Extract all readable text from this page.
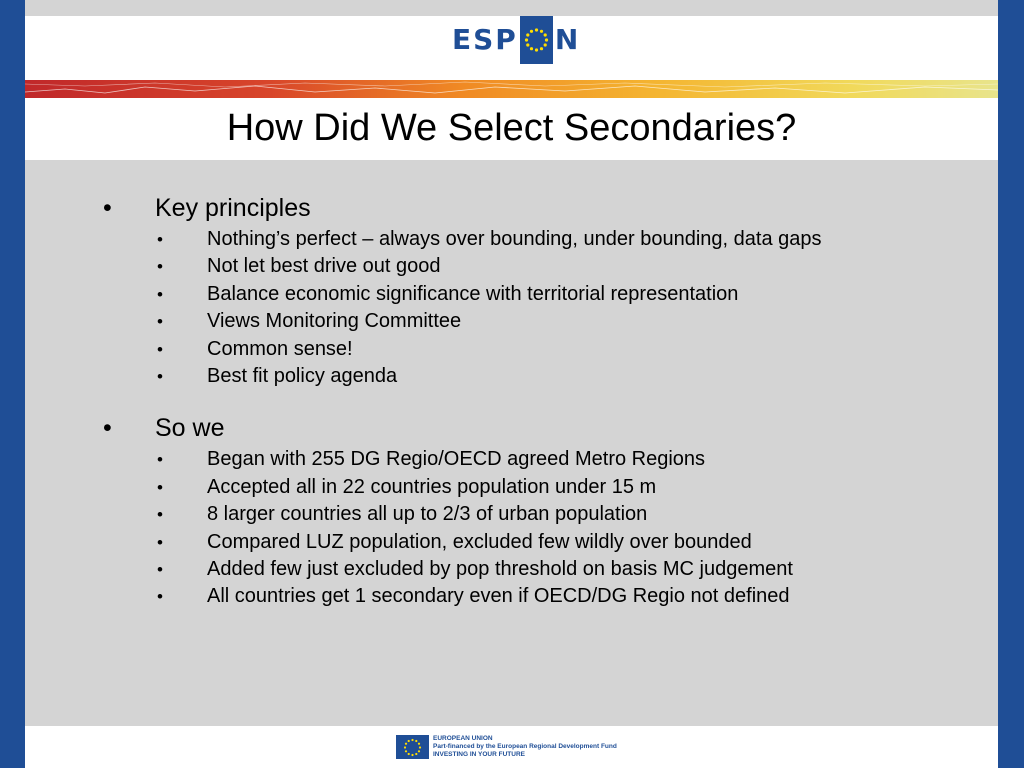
ESP N
How Did We Select Secondaries?
• Key principles
• Nothing’s perfect – always over bounding, under bounding, data gaps
• Not let best drive out good
• Balance economic significance with territorial representation
• Views Monitoring Committee
• Common sense!
• Best fit policy agenda
• So we
• Began with 255 DG Regio/OECD agreed Metro Regions
• Accepted all in 22 countries population under 15 m
• 8 larger countries all up to 2/3 of urban population
• Compared LUZ population, excluded few wildly over bounded
• Added few just excluded by pop threshold on basis MC judgement
• All countries get 1 secondary even if OECD/DG Regio not defined
EUROPEAN UNION
Part-financed by the European Regional Development Fund
INVESTING IN YOUR FUTURE
